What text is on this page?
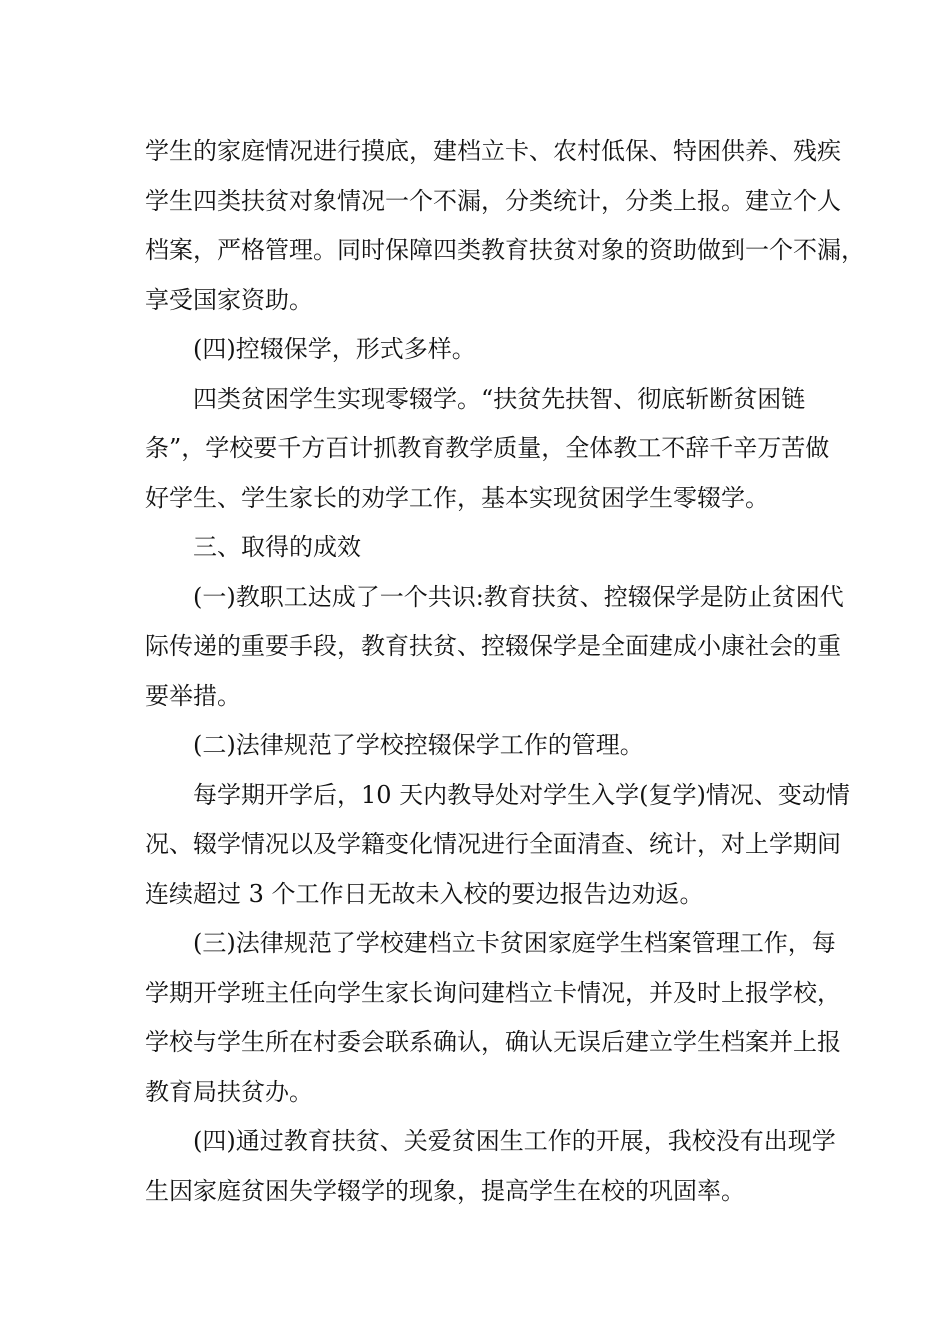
学生的家庭情况进行摸底，建档立卡、农村低保、特困供养、残疾
学生四类扶贫对象情况一个不漏，分类统计，分类上报。建立个人
档案，严格管理。同时保障四类教育扶贫对象的资助做到一个不漏，
享受国家资助。
(四)控辍保学，形式多样。
四类贫困学生实现零辍学。“扶贫先扶智、彻底斩断贫困链
条”，学校要千方百计抓教育教学质量，全体教工不辞千辛万苦做
好学生、学生家长的劝学工作，基本实现贫困学生零辍学。
三、取得的成效
(一)教职工达成了一个共识:教育扶贫、控辍保学是防止贫困代
际传递的重要手段，教育扶贫、控辍保学是全面建成小康社会的重
要举措。
(二)法律规范了学校控辍保学工作的管理。
每学期开学后，10 天内教导处对学生入学(复学)情况、变动情
况、辍学情况以及学籍变化情况进行全面清查、统计，对上学期间
连续超过 3 个工作日无故未入校的要边报告边劝返。
(三)法律规范了学校建档立卡贫困家庭学生档案管理工作，每
学期开学班主任向学生家长询问建档立卡情况，并及时上报学校，
学校与学生所在村委会联系确认，确认无误后建立学生档案并上报
教育局扶贫办。
(四)通过教育扶贫、关爱贫困生工作的开展，我校没有出现学
生因家庭贫困失学辍学的现象，提高学生在校的巩固率。
